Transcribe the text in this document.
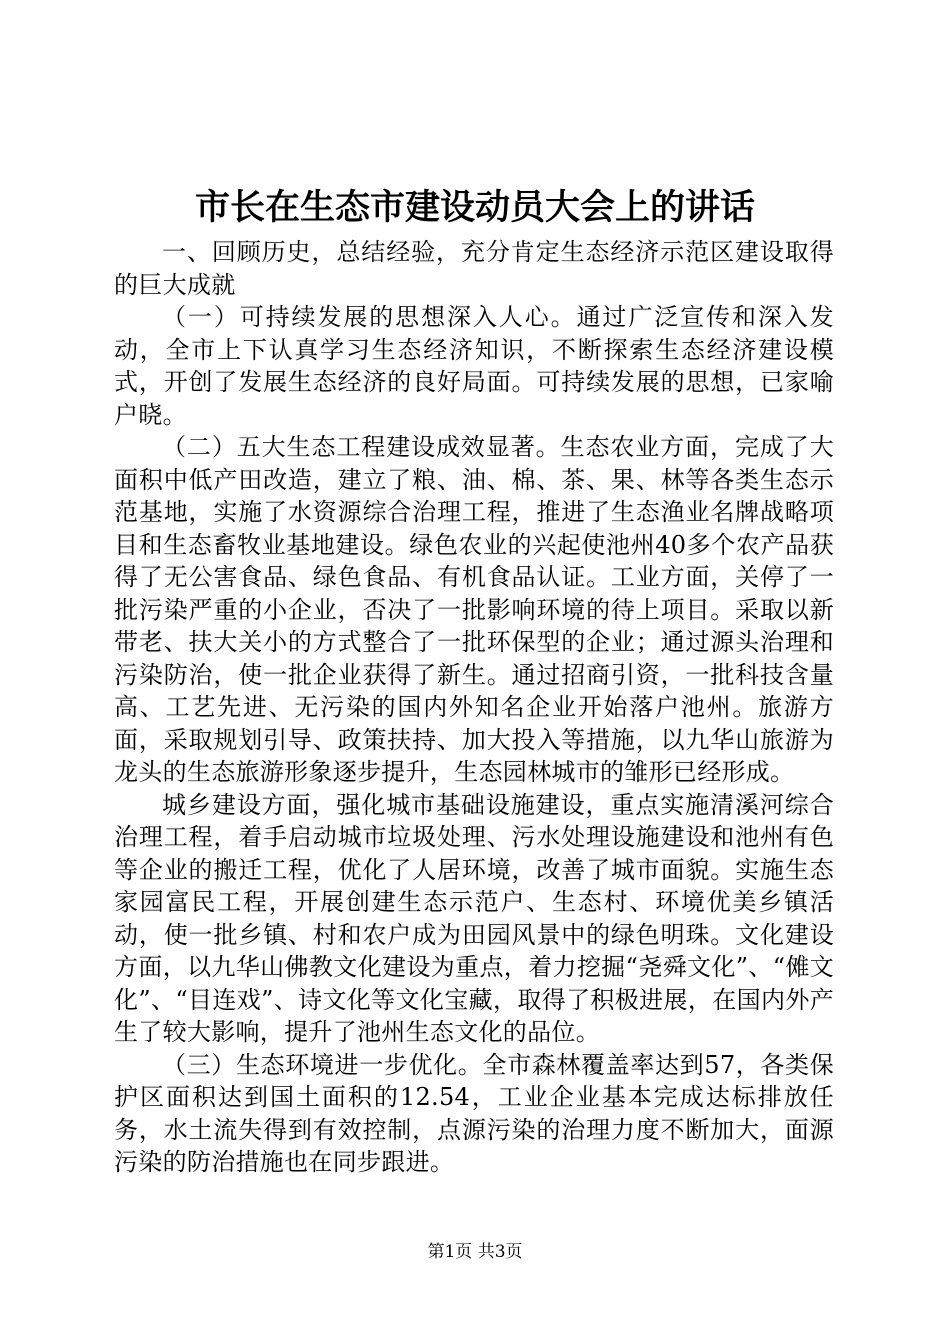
市长在生态市建设动员大会上的讲话

一、回顾历史，总结经验，充分肯定生态经济示范区建设取得的巨大成就

（一）可持续发展的思想深入人心。通过广泛宣传和深入发动，全市上下认真学习生态经济知识，不断探索生态经济建设模式，开创了发展生态经济的良好局面。可持续发展的思想，已家喻户晓。

（二）五大生态工程建设成效显著。生态农业方面，完成了大面积中低产田改造，建立了粮、油、棉、茶、果、林等各类生态示范基地，实施了水资源综合治理工程，推进了生态渔业名牌战略项目和生态畜牧业基地建设。绿色农业的兴起使池州40多个农产品获得了无公害食品、绿色食品、有机食品认证。工业方面，关停了一批污染严重的小企业，否决了一批影响环境的待上项目。采取以新带老、扶大关小的方式整合了一批环保型的企业；通过源头治理和污染防治，使一批企业获得了新生。通过招商引资，一批科技含量高、工艺先进、无污染的国内外知名企业开始落户池州。旅游方面，采取规划引导、政策扶持、加大投入等措施，以九华山旅游为龙头的生态旅游形象逐步提升，生态园林城市的雏形已经形成。

城乡建设方面，强化城市基础设施建设，重点实施清溪河综合治理工程，着手启动城市垃圾处理、污水处理设施建设和池州有色等企业的搬迁工程，优化了人居环境，改善了城市面貌。实施生态家园富民工程，开展创建生态示范户、生态村、环境优美乡镇活动，使一批乡镇、村和农户成为田园风景中的绿色明珠。文化建设方面，以九华山佛教文化建设为重点，着力挖掘“尧舜文化”、“傩文化”、“目连戏”、诗文化等文化宝藏，取得了积极进展，在国内外产生了较大影响，提升了池州生态文化的品位。

（三）生态环境进一步优化。全市森林覆盖率达到57，各类保护区面积达到国土面积的12.54，工业企业基本完成达标排放任务，水土流失得到有效控制，点源污染的治理力度不断加大，面源污染的防治措施也在同步跟进。

第1页 共3页
